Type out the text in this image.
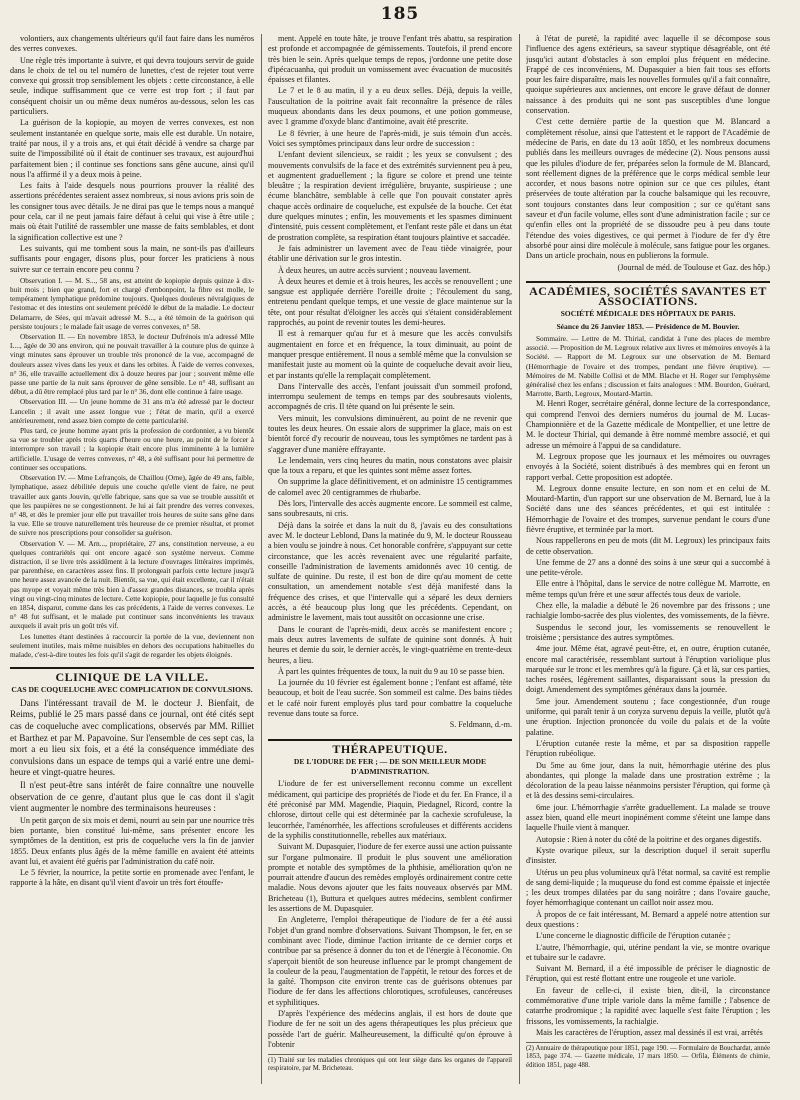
185

volontiers, aux changements ultérieurs qu'il faut faire dans les numéros des verres convexes.

Une règle très importante à suivre, et qui devra toujours servir de guide dans le choix de tel ou tel numéro de lunettes, c'est de rejeter tout verre convexe qui grossit trop sensiblement les objets : cette circonstance, à elle seule, indique suffisamment que ce verre est trop fort ; il faut par conséquent choisir un ou même deux numéros au-dessous, selon les cas particuliers.

La guérison de la kopiopie, au moyen de verres convexes, est non seulement instantanée en quelque sorte, mais elle est durable. Un notaire, traité par nous, il y a trois ans, et qui était décidé à vendre sa charge par suite de l'impossibilité où il était de continuer ses travaux, est aujourd'hui parfaitement bien ; il continue ses fonctions sans gêne aucune, ainsi qu'il nous l'a affirmé il y a deux mois à peine.

Les faits à l'aide desquels nous pourrions prouver la réalité des assertions précédentes seraient assez nombreux, si nous avions pris soin de les consigner tous avec détails. Je ne dirai pas que le temps nous a manqué pour cela, car il ne peut jamais faire défaut à celui qui vise à être utile ; mais où était l'utilité de rassembler une masse de faits semblables, et dont la signification collective est une ?

Les suivants, qui me tombent sous la main, ne sont-ils pas d'ailleurs suffisants pour engager, disons plus, pour forcer les praticiens à nous suivre sur ce terrain encore peu connu ?

Observation I. — M. S..., 58 ans, est atteint de kopiopie depuis quinze à dix-huit mois ; bien que grand, fort et chargé d'embonpoint, la fibre est molle, le tempérament lymphatique prédomine toujours. Quelques douleurs névralgiques de l'estomac et des intestins ont seulement précédé le début de la maladie. Le docteur Delamarre, de Sées, qui m'avait adressé M. S..., a été témoin de la guérison qui persiste toujours ; le malade fait usage de verres convexes, n° 58.

Observation II. — En novembre 1853, le docteur Dufrénois m'a adressé Mlle L..., âgée de 30 ans environ, qui ne pouvait travailler à la couture plus de quinze à vingt minutes sans éprouver un trouble très prononcé de la vue, accompagné de douleurs assez vives dans les yeux et dans les orbites. À l'aide de verres convexes, n° 36, elle travaille actuellement dix à douze heures par jour ; souvent même elle passe une partie de la nuit sans éprouver de gêne sensible. Le n° 48, suffisant au début, a dû être remplacé plus tard par le n° 36, dont elle continue à faire usage.

Observation III. — Un jeune homme de 31 ans m'a été adressé par le docteur Lancelin ; il avait une assez longue vue ; l'état de marin, qu'il a exercé antérieurement, rend assez bien compte de cette particularité.

Plus tard, ce jeune homme ayant pris la profession de cordonnier, a vu bientôt sa vue se troubler après trois quarts d'heure ou une heure, au point de le forcer à interrompre son travail ; la kopiopie était encore plus imminente à la lumière artificielle. L'usage de verres convexes, n° 48, a été suffisant pour lui permettre de continuer ses occupations.

Observation IV. — Mme Lefrançois, de Chaillou (Orne), âgée de 49 ans, faible, lymphatique, assez débilitée depuis une couche qu'elle vient de faire, ne peut travailler aux gants Jouvin, qu'elle fabrique, sans que sa vue se trouble aussitôt et que les paupières ne se congestionnent. Je lui ai fait prendre des verres convexes, n° 48, et dès le premier jour elle put travailler trois heures de suite sans gêne dans la vue. Elle se trouve naturellement très heureuse de ce premier résultat, et promet de suivre nos prescriptions pour consolider sa guérison.

Observation V. — M. Arn..., propriétaire, 27 ans, constitution nerveuse, a eu quelques contrariétés qui ont encore agacé son système nerveux. Comme distraction, il se livre très assidûment à la lecture d'ouvrages littéraires imprimés, par parenthèse, en caractères assez fins. Il prolongeait parfois cette lecture jusqu'à une heure assez avancée de la nuit. Bientôt, sa vue, qui était excellente, car il n'était pas myope et voyait même très bien à d'assez grandes distances, se troubla après vingt ou vingt-cinq minutes de lecture. Cette kopiopie, pour laquelle je fus consulté en 1854, disparut, comme dans les cas précédents, à l'aide de verres convexes. Le n° 48 fut suffisant, et le malade put continuer sans inconvénients les travaux auxquels il avait pris un goût très vif.

Les lunettes étant destinées à raccourcir la portée de la vue, deviennent non seulement inutiles, mais même nuisibles en dehors des occupations habituelles du malade, c'est-à-dire toutes les fois qu'il s'agit de regarder les objets éloignés.

CLINIQUE DE LA VILLE.
CAS DE COQUELUCHE AVEC COMPLICATION DE CONVULSIONS.

Dans l'intéressant travail de M. le docteur J. Bienfait, de Reims, publié le 25 mars passé dans ce journal, ont été cités sept cas de coqueluche avec complications, observés par MM. Rilliet et Barthez et par M. Papavoine. Sur l'ensemble de ces sept cas, la mort a eu lieu six fois, et a été la conséquence immédiate des convulsions dans un espace de temps qui a varié entre une demi-heure et vingt-quatre heures.

Il n'est peut-être sans intérêt de faire connaître une nouvelle observation de ce genre, d'autant plus que le cas dont il s'agit vient augmenter le nombre des terminaisons heureuses :

Un petit garçon de six mois et demi, nourri au sein par une nourrice très bien portante, bien constitué lui-même, sans présenter encore les symptômes de la dentition, est pris de coqueluche vers la fin de janvier 1855. Deux enfants plus âgés de la même famille en avaient été atteints avant lui, et avaient été guéris par l'administration du café noir.

Le 5 février, la nourrice, la petite sortie en promenade avec l'enfant, le rapporte à la hâte, en disant qu'il vient d'avoir un très fort étouffe-

ment. Appelé en toute hâte, je trouve l'enfant très abattu, sa respiration est profonde et accompagnée de gémissements. Toutefois, il prend encore très bien le sein. Après quelque temps de repos, j'ordonne une petite dose d'ipécacuanha, qui produit un vomissement avec évacuation de mucosités épaisses et filantes.

Le 7 et le 8 au matin, il y a eu deux selles. Déjà, depuis la veille, l'auscultation de la poitrine avait fait reconnaître la présence de râles muqueux abondants dans les deux poumons, et une potion gommeuse, avec 1 gramme d'oxyde blanc d'antimoine, avait été prescrite.

Le 8 février, à une heure de l'après-midi, je suis témoin d'un accès. Voici ses symptômes principaux dans leur ordre de succession :

L'enfant devient silencieux, se raidit ; les yeux se convulsent ; des mouvements convulsifs de la face et des extrémités surviennent peu à peu, et augmentent graduellement ; la figure se colore et prend une teinte bleuâtre ; la respiration devient irrégulière, bruyante, suspirieuse ; une écume blanchâtre, semblable à celle que l'on pouvait constater après chaque accès ordinaire de coqueluche, est expulsée de la bouche. Cet état dure quelques minutes ; enfin, les mouvements et les spasmes diminuent d'intensité, puis cessent complètement, et l'enfant reste pâle et dans un état de prostration complète, sa respiration étant toujours plaintive et saccadée.

Je fais administrer un lavement avec de l'eau tiède vinaigrée, pour établir une dérivation sur le gros intestin.

À deux heures, un autre accès survient ; nouveau lavement.

À deux heures et demie et à trois heures, les accès se renouvellent ; une sangsue est appliquée derrière l'oreille droite ; l'écoulement du sang, entretenu pendant quelque temps, et une vessie de glace maintenue sur la tête, ont pour résultat d'éloigner les accès qui s'étaient considérablement rapprochés, au point de revenir toutes les demi-heures.

Il est à remarquer qu'au fur et à mesure que les accès convulsifs augmentaient en force et en fréquence, la toux diminuait, au point de manquer presque entièrement. Il nous a semblé même que la convulsion se manifestait juste au moment où la quinte de coqueluche devait avoir lieu, et par instants qu'elle la remplaçait complètement.

Dans l'intervalle des accès, l'enfant jouissait d'un sommeil profond, interrompu seulement de temps en temps par des soubresauts violents, accompagnés de cris. Il tète quand on lui présente le sein.

Vers minuit, les convulsions diminuèrent, au point de ne revenir que toutes les deux heures. On essaie alors de supprimer la glace, mais on est bientôt forcé d'y recourir de nouveau, tous les symptômes ne tardent pas à s'aggraver d'une manière effrayante.

Le lendemain, vers cinq heures du matin, nous constatons avec plaisir que la toux a reparu, et que les quintes sont même assez fortes.

On supprime la glace définitivement, et on administre 15 centigrammes de calomel avec 20 centigrammes de rhubarbe.

Dès lors, l'intervalle des accès augmente encore. Le sommeil est calme, sans soubresauts, ni cris.

Déjà dans la soirée et dans la nuit du 8, j'avais eu des consultations avec M. le docteur Leblond, Dans la matinée du 9, M. le docteur Rousseau a bien voulu se joindre à nous. Cet honorable confrère, s'appuyant sur cette circonstance, que les accès revenaient avec une régularité parfaite, conseille l'administration de lavements amidonnés avec 10 centig. de sulfate de quinine. Du reste, il est bon de dire qu'au moment de cette consultation, un amendement notable s'est déjà manifesté dans la fréquence des crises, et que l'intervalle qui a séparé les deux derniers accès, a été beaucoup plus long que les précédents. Cependant, on administre le lavement, mais tout aussitôt on occasionne une crise.

Dans le courant de l'après-midi, deux accès se manifestent encore ; mais deux autres lavements de sulfate de quinine sont donnés. À huit heures et demie du soir, le dernier accès, le vingt-quatrième en trente-deux heures, a lieu.

À part les quintes fréquentes de toux, la nuit du 9 au 10 se passe bien.

La journée du 10 février est également bonne ; l'enfant est affamé, tète beaucoup, et boit de l'eau sucrée. Son sommeil est calme. Des bains tièdes et le café noir furent employés plus tard pour combattre la coqueluche revenue dans toute sa force.

S. Feldmann, d.-m.

THÉRAPEUTIQUE.
DE L'IODURE DE FER ; — DE SON MEILLEUR MODE D'ADMINISTRATION.

L'iodure de fer est universellement reconnu comme un excellent médicament, qui participe des propriétés de l'iode et du fer. En France, il a été préconisé par MM. Magendie, Piaquin, Piedagnel, Ricord, contre la chlorose, dirtout celle qui est déterminée par la cachexie scrofuleuse, la leucorrhée, l'aménorrhée, les affections scrofuleuses et différents accidens de la syphilis constitutionnelle, rebelles aux matériaux.

Suivant M. Dupasquier, l'iodure de fer exerce aussi une action puissante sur l'organe pulmonaire. Il produit le plus souvent une amélioration prompte et notable des symptômes de la phthisie, amélioration qu'on ne pourrait attendre d'aucun des remèdes employés ordinairement contre cette maladie. Nous devons ajouter que les faits nouveaux observés par MM. Bricheteau (1), Buttura et quelques autres médecins, semblent confirmer les assertions de M. Dupasquier.

En Angleterre, l'emploi thérapeutique de l'iodure de fer a été aussi l'objet d'un grand nombre d'observations. Suivant Thompson, le fer, en se combinant avec l'iode, diminue l'action irritante de ce dernier corps et contribue par sa présence à donner du ton et de l'énergie à l'économie. On s'aperçoit bientôt de son heureuse influence par le prompt changement de la couleur de la peau, l'augmentation de l'appétit, le retour des forces et de la gaîté. Thompson cite environ trente cas de guérisons obtenues par l'iodure de fer dans les affections chlorotiques, scrofuleuses, cancéreuses et syphilitiques.

D'après l'expérience des médecins anglais, il est hors de doute que l'iodure de fer ne soit un des agens thérapeutiques les plus précieux que possède l'art de guérir. Malheureusement, la difficulté qu'on éprouve à l'obtenir

(1) Traité sur les maladies chroniques qui ont leur siège dans les organes de l'appareil respiratoire, par M. Bricheteau.

à l'état de pureté, la rapidité avec laquelle il se décompose sous l'influence des agens extérieurs, sa saveur styptique désagréable, ont été jusqu'ici autant d'obstacles à son emploi plus fréquent en médecine. Frappé de ces inconvéniens, M. Dupasquier a bien fait tous ses efforts pour les faire disparaître, mais les nouvelles formules qu'il a fait connaître, quoique supérieures aux anciennes, ont encore le grave défaut de donner naissance à des produits qui ne sont pas susceptibles d'une longue conservation.

C'est cette dernière partie de la question que M. Blancard a complètement résolue, ainsi que l'attestent et le rapport de l'Académie de médecine de Paris, en date du 13 août 1850, et les nombreux documens publiés dans les meilleurs ouvrages de médecine (2). Nous pensons aussi que les pilules d'iodure de fer, préparées selon la formule de M. Blancard, sont réellement dignes de la préférence que le corps médical semble leur accorder, et nous basons notre opinion sur ce que ces pilules, étant préservées de toute altération par la couche balsamique qui les recouvre, sont toujours constantes dans leur composition ; sur ce qu'étant sans saveur et d'un facile volume, elles sont d'une administration facile ; sur ce qu'enfin elles ont la propriété de se dissoudre peu à peu dans toute l'étendue des voies digestives, ce qui permet à l'iodure de fer d'y être absorbé pour ainsi dire molécule à molécule, sans fatigue pour les organes. Dans un article prochain, nous en publierons la formule.

(Journal de méd. de Toulouse et Gaz. des hôp.)

ACADÉMIES, SOCIÉTÉS SAVANTES ET ASSOCIATIONS.
SOCIÉTÉ MÉDICALE DES HÔPITAUX DE PARIS.
Séance du 26 Janvier 1853. — Présidence de M. Bouvier.

Sommaire. — Lettre de M. Thirial, candidat à l'une des places de membre associé. — Proposition de M. Legroux relative aux livres et mémoires envoyés à la Société. — Rapport de M. Legroux sur une observation de M. Bernard (Hémorrhagie de l'ovaire et des trompes, pendant une fièvre éruptive). — Mémoires de M. Nabille Collisi et de MM. Blache et H. Roger sur l'emphysème généralisé chez les enfans ; discussion et faits analogues : MM. Bourdon, Guérard, Marrotte, Barth, Legroux, Moutard-Martin.

M. Henri Roger, secrétaire général, donne lecture de la correspondance, qui comprend l'envoi des derniers numéros du journal de M. Lucas-Championnière et de la Gazette médicale de Montpellier, et une lettre de M. le docteur Thirial, qui demande à être nommé membre associé, et qui adresse un mémoire à l'appui de sa candidature.

M. Legroux propose que les journaux et les mémoires ou ouvrages envoyés à la Société, soient distribués à des membres qui en feront un rapport verbal. Cette proposition est adoptée.

M. Legroux donne ensuite lecture, en son nom et en celui de M. Moutard-Martin, d'un rapport sur une observation de M. Bernard, lue à la Société dans une des séances précédentes, et qui est intitulée : Hémorrhagie de l'ovaire et des trompes, survenue pendant le cours d'une fièvre éruptive, et terminée par la mort.

Nous rappellerons en peu de mots (dit M. Legroux) les principaux faits de cette observation.

Une femme de 27 ans a donné des soins à une sœur qui a succombé à une petite-vérole.

Elle entre à l'hôpital, dans le service de notre collègue M. Marrotte, en même temps qu'un frère et une sœur affectés tous deux de variole.

Chez elle, la maladie a débuté le 26 novembre par des frissons ; une rachialgie lombo-sacrée des plus violentes, des vomissements, de la fièvre.

Suspendus le second jour, les vomissements se renouvellent le troisième ; persistance des autres symptômes.

4me jour. Même état, agravé peut-être, et, en outre, éruption cutanée, encore mal caractérisée, ressemblant surtout à l'éruption variolique plus marquée sur le tronc et les membres qu'à la figure. Çà et là, sur ces parties, taches rosées, légèrement saillantes, disparaissant sous la pression du doigt. Amendement des symptômes généraux dans la journée.

5me jour. Amendement soutenu ; face congestionnée, d'un rouge uniforme, qui paraît tenir à un coryza survenu depuis la veille, plutôt qu'à une éruption. Injection prononcée du voile du palais et de la voûte palatine.

L'éruption cutanée reste la même, et par sa disposition rappelle l'éruption rubéolique.

Du 5me au 6me jour, dans la nuit, hémorrhagie utérine des plus abondantes, qui plonge la malade dans une prostration extrême ; la décoloration de la peau laisse néanmoins persister l'éruption, qui forme çà et là des dessins semi-circulaires.

6me jour. L'hémorrhagie s'arrête graduellement. La malade se trouve assez bien, quand elle meurt inopinément comme s'éteint une lampe dans laquelle l'huile vient à manquer.

Autopsie : Rien à noter du côté de la poitrine et des organes digestifs.

Kyste ovarique pileux, sur la description duquel il serait superflu d'insister.

Utérus un peu plus volumineux qu'à l'état normal, sa cavité est remplie de sang demi-liquide ; la muqueuse du fond est comme épaissie et injectée ; les deux trompes dilatées par du sang noirâtre ; dans l'ovaire gauche, foyer hémorrhagique contenant un caillot noir assez mou.

À propos de ce fait intéressant, M. Bernard a appelé notre attention sur deux questions :

L'une concerne le diagnostic difficile de l'éruption cutanée ;

L'autre, l'hémorrhagie, qui, utérine pendant la vie, se montre ovarique et tubaire sur le cadavre.

Suivant M. Bernard, il a été impossible de préciser le diagnostic de l'éruption, qui est resté flottant entre une rougeole et une variole.

En faveur de celle-ci, il existe bien, dit-il, la circonstance commémorative d'une triple variole dans la même famille ; l'absence de catarrhe prodromique ; la rapidité avec laquelle s'est faite l'éruption ; les frissons, les vomissements, la rachialgie.

Mais les caractères de l'éruption, assez mal dessinés il est vrai, arrêtés

(2) Annuaire de thérapeutique pour 1851, page 190. — Formulaire de Bouchardat, année 1853, page 374. — Gazette médicale, 17 mars 1850. — Orfila, Éléments de chimie, édition 1851, page 488.
